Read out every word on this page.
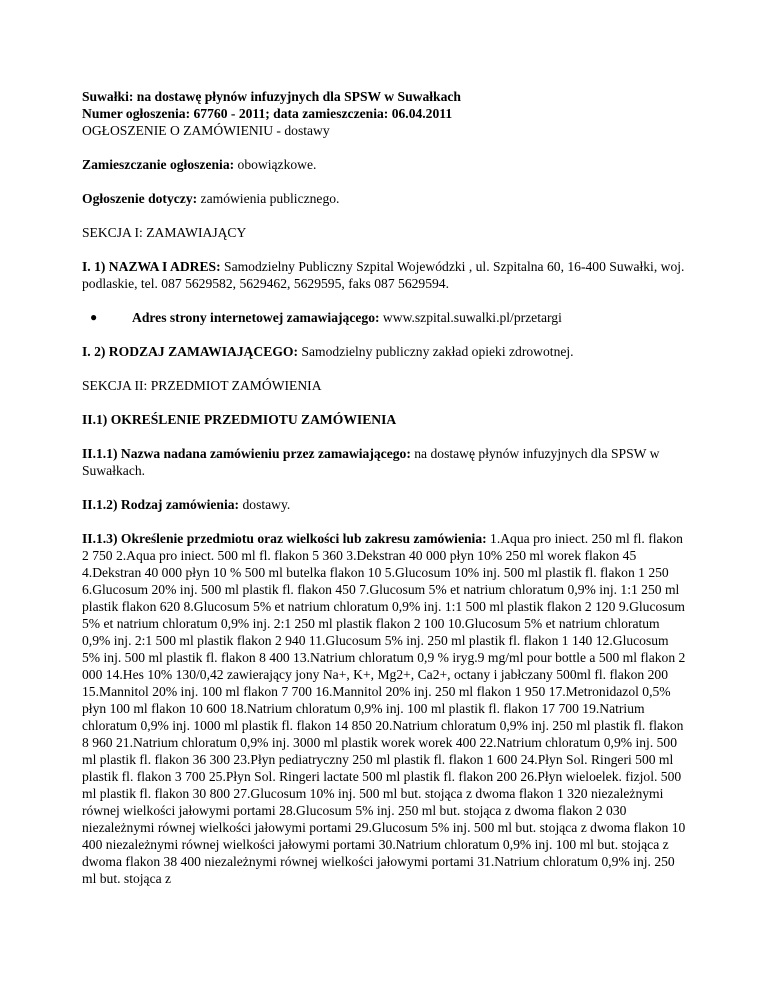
Suwałki: na dostawę płynów infuzyjnych dla SPSW w Suwałkach

Numer ogłoszenia: 67760 - 2011; data zamieszczenia: 06.04.2011

OGŁOSZENIE O ZAMÓWIENIU - dostawy

Zamieszczanie ogłoszenia: obowiązkowe.

Ogłoszenie dotyczy: zamówienia publicznego.

SEKCJA I: ZAMAWIAJĄCY

I. 1) NAZWA I ADRES: Samodzielny Publiczny Szpital Wojewódzki , ul. Szpitalna 60, 16-400 Suwałki, woj. podlaskie, tel. 087 5629582, 5629462, 5629595, faks 087 5629594.

●	Adres strony internetowej zamawiającego: www.szpital.suwalki.pl/przetargi

I. 2) RODZAJ ZAMAWIAJĄCEGO: Samodzielny publiczny zakład opieki zdrowotnej.

SEKCJA II: PRZEDMIOT ZAMÓWIENIA

II.1) OKREŚLENIE PRZEDMIOTU ZAMÓWIENIA

II.1.1) Nazwa nadana zamówieniu przez zamawiającego: na dostawę płynów infuzyjnych dla SPSW w Suwałkach.

II.1.2) Rodzaj zamówienia: dostawy.

II.1.3) Określenie przedmiotu oraz wielkości lub zakresu zamówienia: 1.Aqua pro iniect. 250 ml fl. flakon 2 750 2.Aqua pro iniect. 500 ml fl. flakon 5 360 3.Dekstran 40 000 płyn 10% 250 ml worek flakon 45 4.Dekstran 40 000 płyn 10 % 500 ml butelka flakon 10 5.Glucosum 10% inj. 500 ml plastik fl. flakon 1 250 6.Glucosum 20% inj. 500 ml plastik fl. flakon 450 7.Glucosum 5% et natrium chloratum 0,9% inj. 1:1 250 ml plastik flakon 620 8.Glucosum 5% et natrium chloratum 0,9% inj. 1:1 500 ml plastik flakon 2 120 9.Glucosum 5% et natrium chloratum 0,9% inj. 2:1 250 ml plastik flakon 2 100 10.Glucosum 5% et natrium chloratum 0,9% inj. 2:1 500 ml plastik flakon 2 940 11.Glucosum 5% inj. 250 ml plastik fl. flakon 1 140 12.Glucosum 5% inj. 500 ml plastik fl. flakon 8 400 13.Natrium chloratum 0,9 % iryg.9 mg/ml pour bottle a 500 ml flakon 2 000 14.Hes 10% 130/0,42 zawierający jony Na+, K+, Mg2+, Ca2+, octany i jabłczany 500ml fl. flakon 200 15.Mannitol 20% inj. 100 ml flakon 7 700 16.Mannitol 20% inj. 250 ml flakon 1 950 17.Metronidazol 0,5% płyn 100 ml flakon 10 600 18.Natrium chloratum 0,9% inj. 100 ml plastik fl. flakon 17 700 19.Natrium chloratum 0,9% inj. 1000 ml plastik fl. flakon 14 850 20.Natrium chloratum 0,9% inj. 250 ml plastik fl. flakon 8 960 21.Natrium chloratum 0,9% inj. 3000 ml plastik worek worek 400 22.Natrium chloratum 0,9% inj. 500 ml plastik fl. flakon 36 300 23.Płyn pediatryczny 250 ml plastik fl. flakon 1 600 24.Płyn Sol. Ringeri 500 ml plastik fl. flakon 3 700 25.Płyn Sol. Ringeri lactate 500 ml plastik fl. flakon 200 26.Płyn wieloelek. fizjol. 500 ml plastik fl. flakon 30 800 27.Glucosum 10% inj. 500 ml but. stojąca z dwoma flakon 1 320 niezależnymi równej wielkości jałowymi portami 28.Glucosum 5% inj. 250 ml but. stojąca z dwoma flakon 2 030 niezależnymi równej wielkości jałowymi portami 29.Glucosum 5% inj. 500 ml but. stojąca z dwoma flakon 10 400 niezależnymi równej wielkości jałowymi portami 30.Natrium chloratum 0,9% inj. 100 ml but. stojąca z dwoma flakon 38 400 niezależnymi równej wielkości jałowymi portami 31.Natrium chloratum 0,9% inj. 250 ml but. stojąca z
